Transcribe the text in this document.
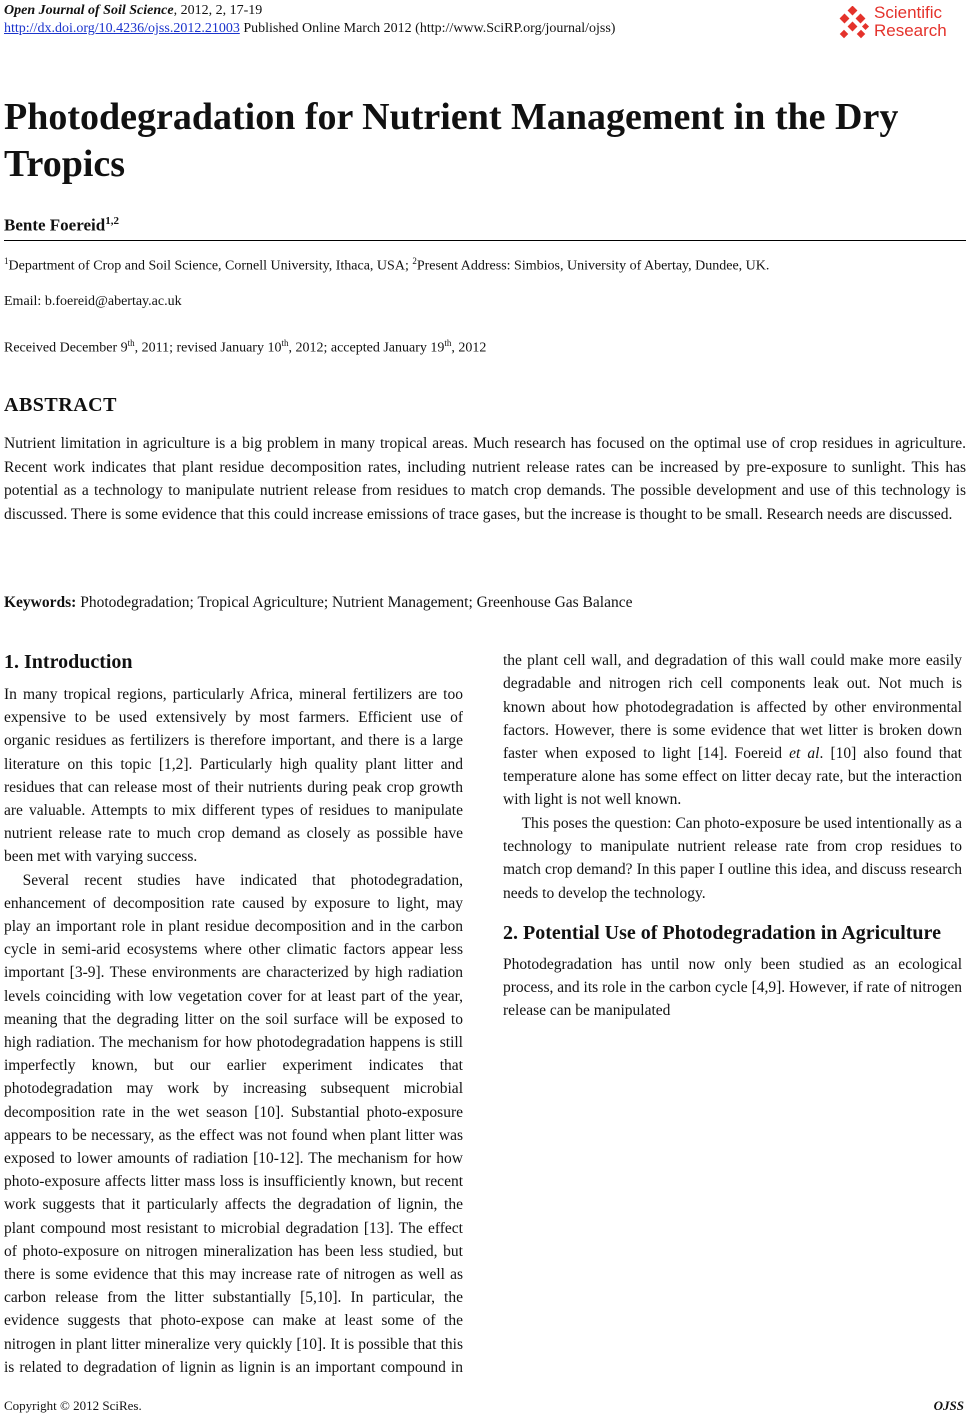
Open Journal of Soil Science, 2012, 2, 17-19
http://dx.doi.org/10.4236/ojss.2012.21003 Published Online March 2012 (http://www.SciRP.org/journal/ojss)
Scientific
Research
Photodegradation for Nutrient Management in the Dry Tropics
Bente Foereid$^{1,2}$
$^1$Department of Crop and Soil Science, Cornell University, Ithaca, USA; $^2$Present Address: Simbios, University of Abertay, Dundee, UK.
Email: b.foereid@abertay.ac.uk
Received December 9th, 2011; revised January 10th, 2012; accepted January 19th, 2012
ABSTRACT

Nutrient limitation in agriculture is a big problem in many tropical areas. Much research has focused on the optimal use of crop residues in agriculture. Recent work indicates that plant residue decomposition rates, including nutrient release rates can be increased by pre-exposure to sunlight. This has potential as a technology to manipulate nutrient release from residues to match crop demands. The possible development and use of this technology is discussed. There is some evidence that this could increase emissions of trace gases, but the increase is thought to be small. Research needs are discussed.

Keywords: Photodegradation; Tropical Agriculture; Nutrient Management; Greenhouse Gas Balance
1. Introduction

In many tropical regions, particularly Africa, mineral fertilizers are too expensive to be used extensively by most farmers. Efficient use of organic residues as fertilizers is therefore important, and there is a large literature on this topic [1,2]. Particularly high quality plant litter and residues that can release most of their nutrients during peak crop growth are valuable. Attempts to mix different types of residues to manipulate nutrient release rate to much crop demand as closely as possible have been met with varying success.

Several recent studies have indicated that photodegradation, enhancement of decomposition rate caused by exposure to light, may play an important role in plant residue decomposition and in the carbon cycle in semi-arid ecosystems where other climatic factors appear less important [3-9]. These environments are characterized by high radiation levels coinciding with low vegetation cover for at least part of the year, meaning that the degrading litter on the soil surface will be exposed to high radiation. The mechanism for how photodegradation happens is still imperfectly known, but our earlier experiment indicates that photodegradation may work by increasing subsequent microbial decomposition rate in the wet season [10]. Substantial photo-exposure appears to be necessary, as the effect was not found when plant litter was exposed to lower amounts of radiation [10-12]. The mechanism for how photo-exposure affects litter mass loss is insufficiently known, but recent work suggests that it particularly affects the degradation of lignin, the plant compound most resistant to microbial degradation [13]. The effect of photo-exposure on nitrogen mineralization has been less studied, but there is some evidence that this may increase rate of nitrogen as well as carbon release from the litter substantially [5,10]. In particular, the evidence suggests that photo-expose can make at least some of the nitrogen in plant litter mineralize very quickly [10]. It is possible that this is related to degradation of lignin as lignin is an important compound in

the plant cell wall, and degradation of this wall could make more easily degradable and nitrogen rich cell components leak out. Not much is known about how photodegradation is affected by other environmental factors. However, there is some evidence that wet litter is broken down faster when exposed to light [14]. Foereid et al. [10] also found that temperature alone has some effect on litter decay rate, but the interaction with light is not well known.

This poses the question: Can photo-exposure be used intentionally as a technology to manipulate nutrient release rate from crop residues to match crop demand? In this paper I outline this idea, and discuss research needs to develop the technology.

2. Potential Use of Photodegradation in Agriculture

Photodegradation has until now only been studied as an ecological process, and its role in the carbon cycle [4,9]. However, if rate of nitrogen release can be manipulated

Copyright © 2012 SciRes.	OJSS
